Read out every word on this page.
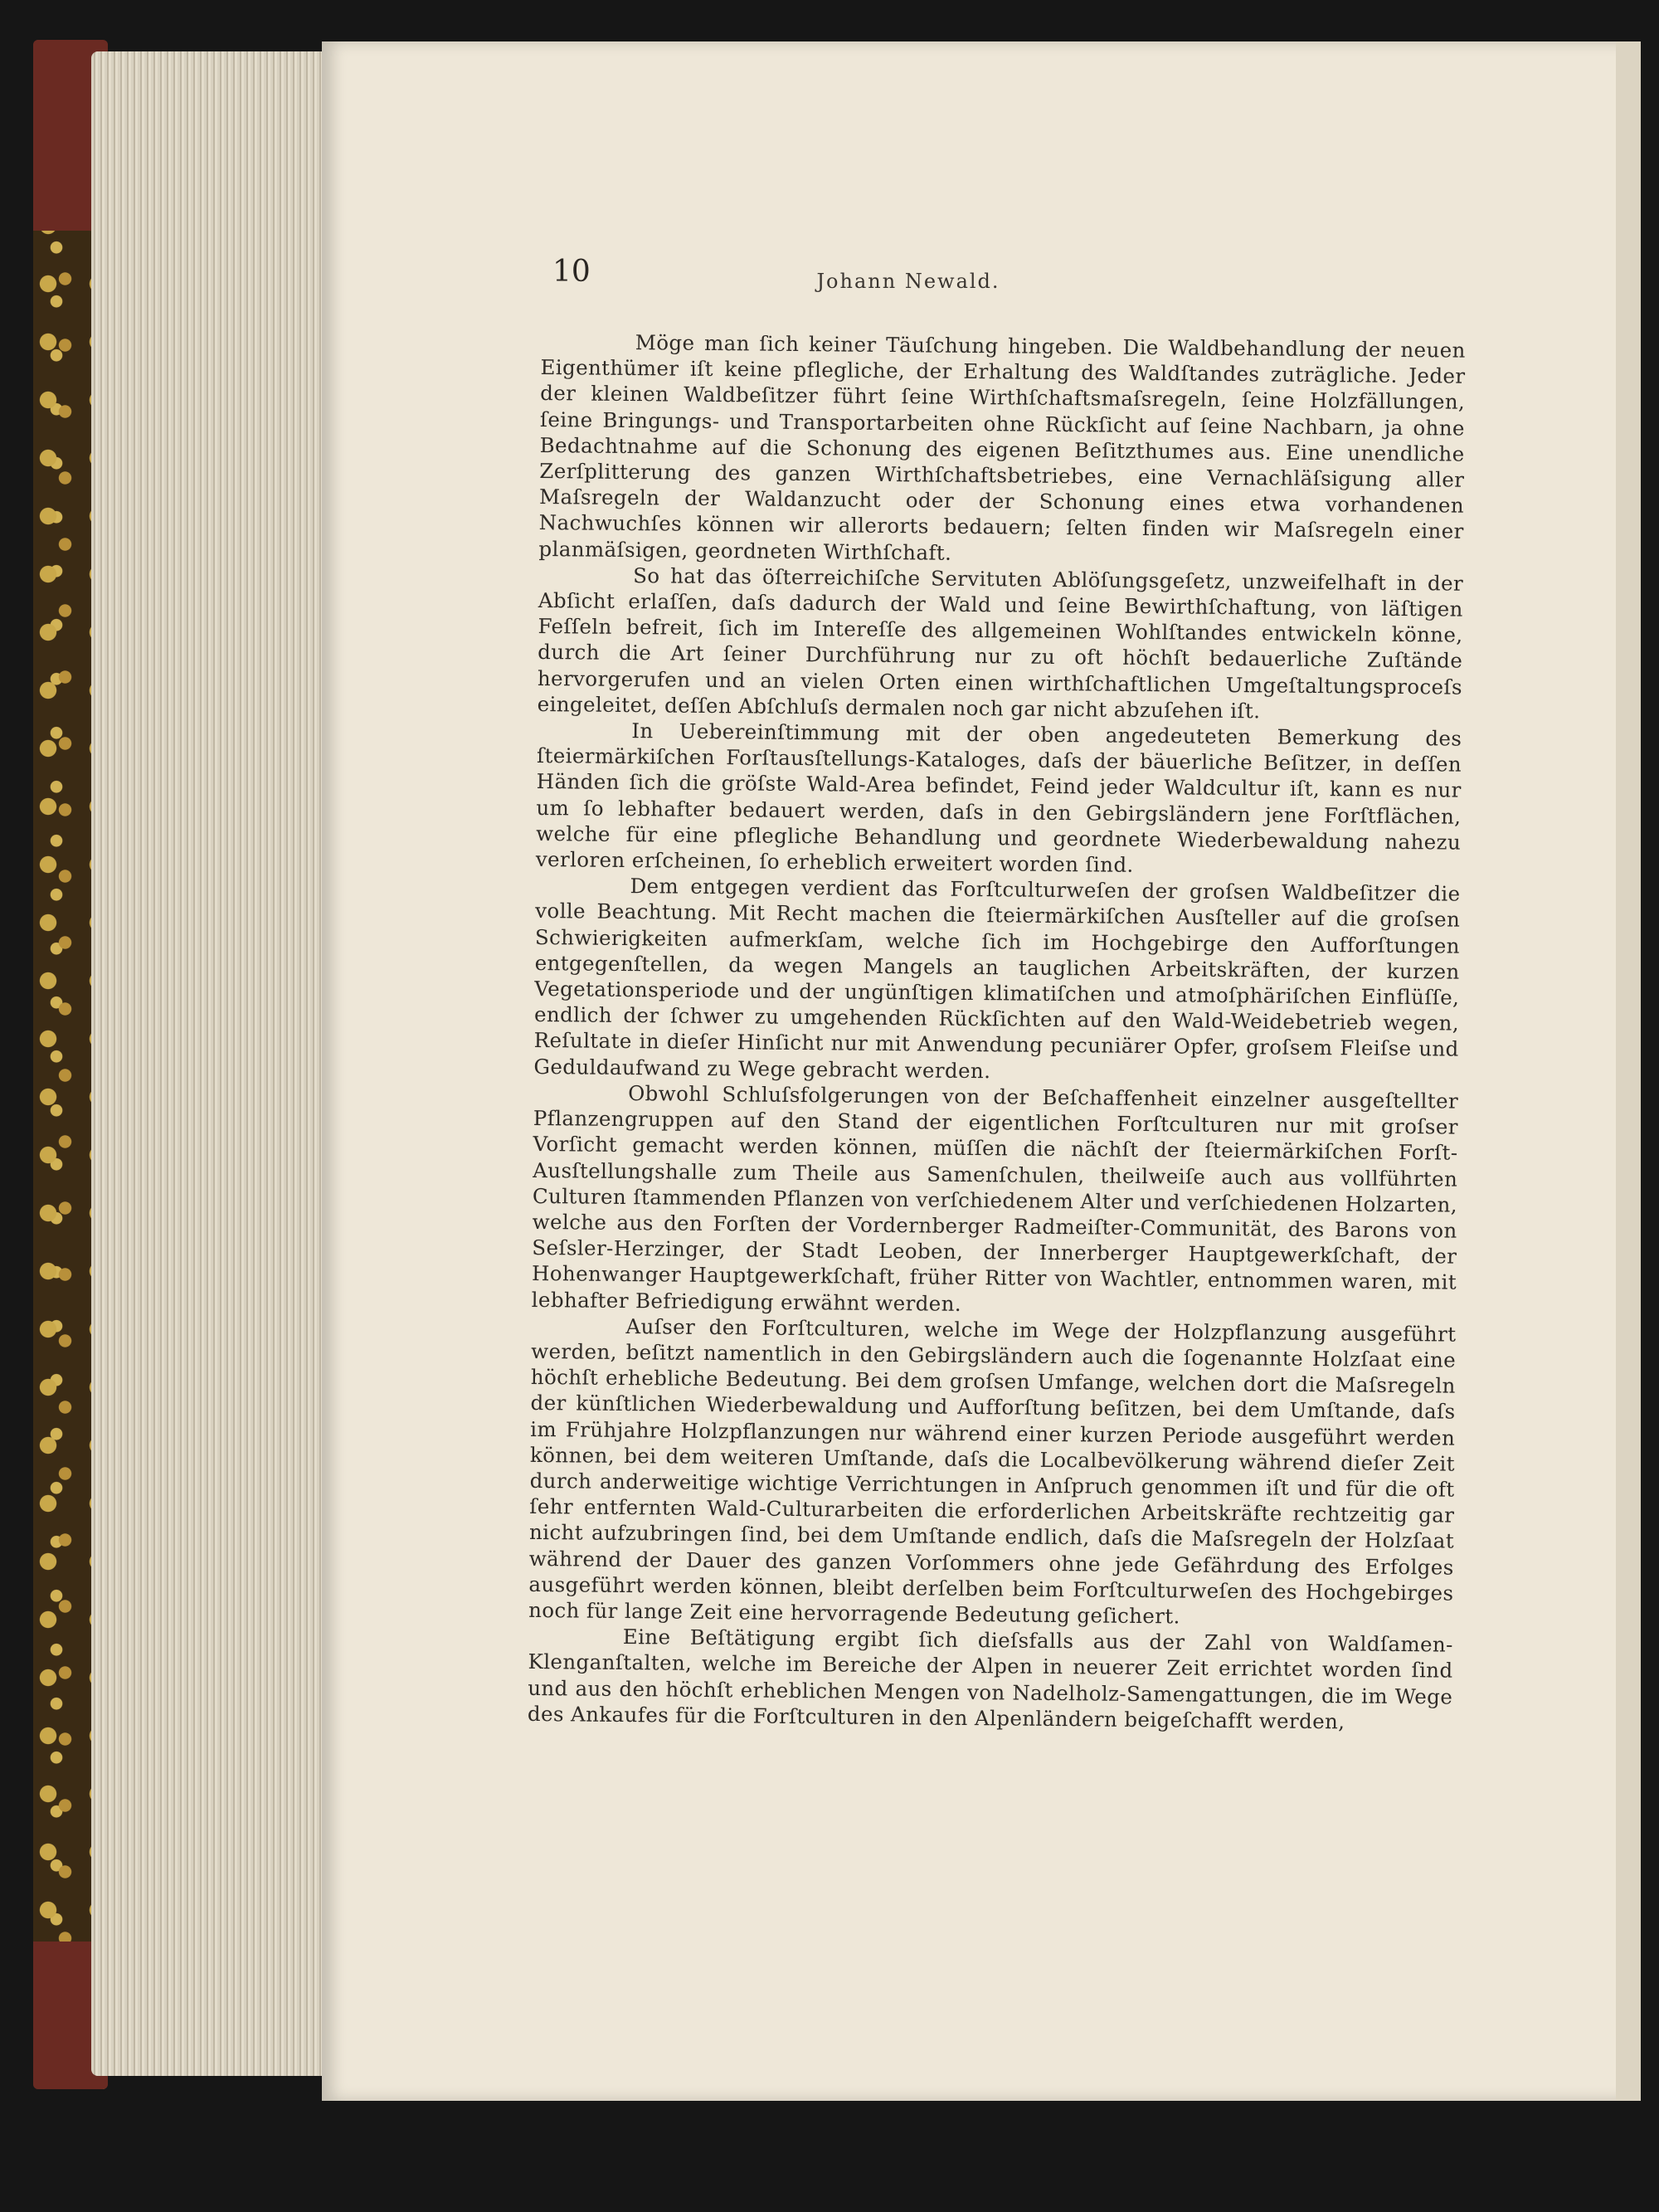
10	Johann Newald.

Möge man ſich keiner Täuſchung hingeben. Die Waldbehandlung der neuen Eigenthümer iſt keine pflegliche, der Erhaltung des Waldſtandes zuträgliche. Jeder der kleinen Waldbeſitzer führt ſeine Wirthſchaftsmaſsregeln, ſeine Holzfällungen, ſeine Bringungs- und Transportarbeiten ohne Rückſicht auf ſeine Nachbarn, ja ohne Bedachtnahme auf die Schonung des eigenen Beſitzthumes aus. Eine unendliche Zerſplitterung des ganzen Wirthſchaftsbetriebes, eine Vernachläſsigung aller Maſsregeln der Waldanzucht oder der Schonung eines etwa vorhandenen Nachwuchſes können wir allerorts bedauern; ſelten finden wir Maſsregeln einer planmäſsigen, geordneten Wirthſchaft.

So hat das öſterreichiſche Servituten Ablöſungsgeſetz, unzweifelhaft in der Abſicht erlaſſen, daſs dadurch der Wald und ſeine Bewirthſchaftung, von läſtigen Feſſeln befreit, ſich im Intereſſe des allgemeinen Wohlſtandes entwickeln könne, durch die Art ſeiner Durchführung nur zu oft höchſt bedauerliche Zuſtände hervorgerufen und an vielen Orten einen wirthſchaftlichen Umgeſtaltungsproceſs eingeleitet, deſſen Abſchluſs dermalen noch gar nicht abzuſehen iſt.

In Uebereinſtimmung mit der oben angedeuteten Bemerkung des ſteiermärkiſchen Forſtausſtellungs-Kataloges, daſs der bäuerliche Beſitzer, in deſſen Händen ſich die gröſste Wald-Area befindet, Feind jeder Waldcultur iſt, kann es nur um ſo lebhafter bedauert werden, daſs in den Gebirgsländern jene Forſtflächen, welche für eine pflegliche Behandlung und geordnete Wiederbewaldung nahezu verloren erſcheinen, ſo erheblich erweitert worden ſind.

Dem entgegen verdient das Forſtculturweſen der groſsen Waldbeſitzer die volle Beachtung. Mit Recht machen die ſteiermärkiſchen Ausſteller auf die groſsen Schwierigkeiten aufmerkſam, welche ſich im Hochgebirge den Aufforſtungen entgegenſtellen, da wegen Mangels an tauglichen Arbeitskräften, der kurzen Vegetationsperiode und der ungünſtigen klimatiſchen und atmoſphäriſchen Einflüſſe, endlich der ſchwer zu umgehenden Rückſichten auf den Wald-Weidebetrieb wegen, Reſultate in dieſer Hinſicht nur mit Anwendung pecuniärer Opfer, groſsem Fleiſse und Geduldaufwand zu Wege gebracht werden.

Obwohl Schluſsfolgerungen von der Beſchaffenheit einzelner ausgeſtellter Pflanzengruppen auf den Stand der eigentlichen Forſtculturen nur mit groſser Vorſicht gemacht werden können, müſſen die nächſt der ſteiermärkiſchen Forſt-Ausſtellungshalle zum Theile aus Samenſchulen, theilweiſe auch aus vollführten Culturen ſtammenden Pflanzen von verſchiedenem Alter und verſchiedenen Holzarten, welche aus den Forſten der Vordernberger Radmeiſter-Communität, des Barons von Seſsler-Herzinger, der Stadt Leoben, der Innerberger Hauptgewerkſchaft, der Hohenwanger Hauptgewerkſchaft, früher Ritter von Wachtler, entnommen waren, mit lebhafter Befriedigung erwähnt werden.

Auſser den Forſtculturen, welche im Wege der Holzpflanzung ausgeführt werden, beſitzt namentlich in den Gebirgsländern auch die ſogenannte Holzſaat eine höchſt erhebliche Bedeutung. Bei dem groſsen Umfange, welchen dort die Maſsregeln der künſtlichen Wiederbewaldung und Aufforſtung beſitzen, bei dem Umſtande, daſs im Frühjahre Holzpflanzungen nur während einer kurzen Periode ausgeführt werden können, bei dem weiteren Umſtande, daſs die Localbevölkerung während dieſer Zeit durch anderweitige wichtige Verrichtungen in Anſpruch genommen iſt und für die oft ſehr entfernten Wald-Culturarbeiten die erforderlichen Arbeitskräfte rechtzeitig gar nicht aufzubringen ſind, bei dem Umſtande endlich, daſs die Maſsregeln der Holzſaat während der Dauer des ganzen Vorſommers ohne jede Gefährdung des Erfolges ausgeführt werden können, bleibt derſelben beim Forſtculturweſen des Hochgebirges noch für lange Zeit eine hervorragende Bedeutung geſichert.

Eine Beſtätigung ergibt ſich dieſsfalls aus der Zahl von Waldſamen-Klenganſtalten, welche im Bereiche der Alpen in neuerer Zeit errichtet worden ſind und aus den höchſt erheblichen Mengen von Nadelholz-Samengattungen, die im Wege des Ankaufes für die Forſtculturen in den Alpenländern beigeſchafft werden,
